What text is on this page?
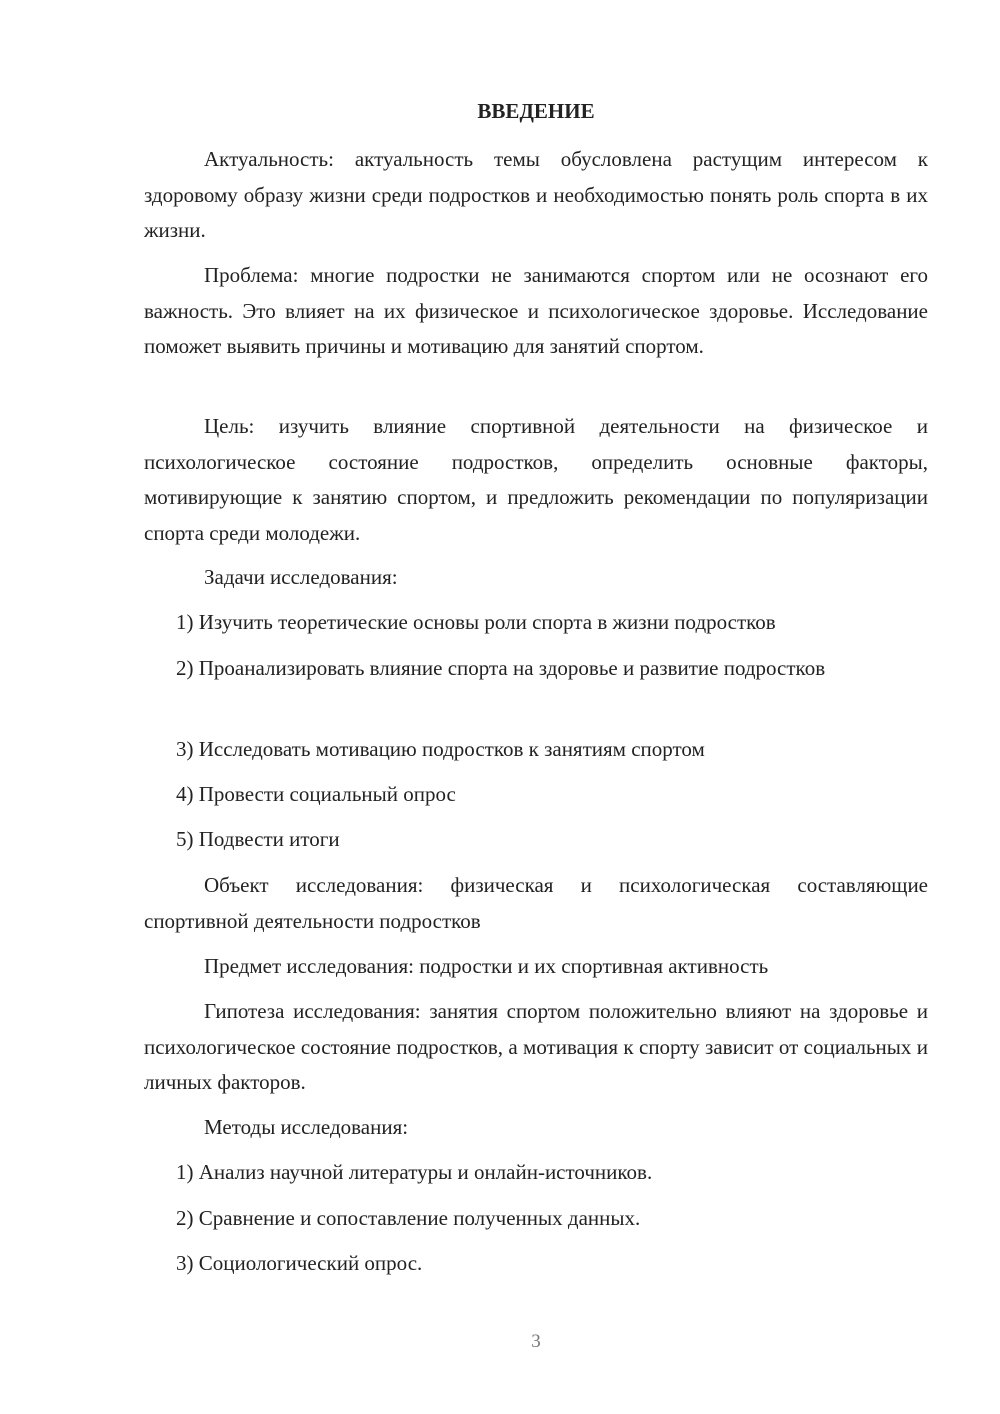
ВВЕДЕНИЕ

Актуальность: актуальность темы обусловлена растущим интересом к здоровому образу жизни среди подростков и необходимостью понять роль спорта в их жизни.

Проблема: многие подростки не занимаются спортом или не осознают его важность. Это влияет на их физическое и психологическое здоровье. Исследование поможет выявить причины и мотивацию для занятий спортом.

Цель: изучить влияние спортивной деятельности на физическое и психологическое состояние подростков, определить основные факторы, мотивирующие к занятию спортом, и предложить рекомендации по популяризации спорта среди молодежи.

Задачи исследования:

1) Изучить теоретические основы роли спорта в жизни подростков

2) Проанализировать влияние спорта на здоровье и развитие подростков

3) Исследовать мотивацию подростков к занятиям спортом

4) Провести социальный опрос

5) Подвести итоги

Объект исследования: физическая и психологическая составляющие спортивной деятельности подростков

Предмет исследования: подростки и их спортивная активность

Гипотеза исследования: занятия спортом положительно влияют на здоровье и психологическое состояние подростков, а мотивация к спорту зависит от социальных и личных факторов.

Методы исследования:

1) Анализ научной литературы и онлайн-источников.

2) Сравнение и сопоставление полученных данных.

3) Социологический опрос.

3
